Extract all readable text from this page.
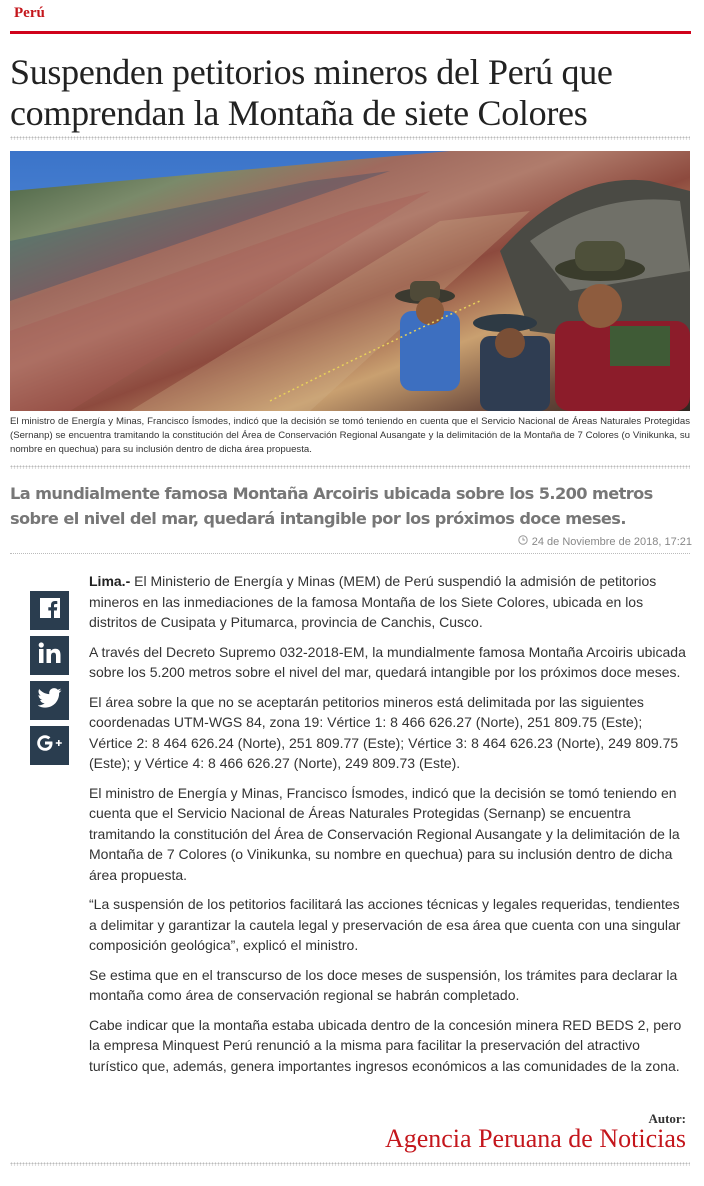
Perú
Suspenden petitorios mineros del Perú que comprendan la Montaña de siete Colores

El ministro de Energía y Minas, Francisco Ísmodes, indicó que la decisión se tomó teniendo en cuenta que el Servicio Nacional de Áreas Naturales Protegidas (Sernanp) se encuentra tramitando la constitución del Área de Conservación Regional Ausangate y la delimitación de la Montaña de 7 Colores (o Vinikunka, su nombre en quechua) para su inclusión dentro de dicha área propuesta.

La mundialmente famosa Montaña Arcoiris ubicada sobre los 5.200 metros sobre el nivel del mar, quedará intangible por los próximos doce meses.

24 de Noviembre de 2018, 17:21

Lima.- El Ministerio de Energía y Minas (MEM) de Perú suspendió la admisión de petitorios mineros en las inmediaciones de la famosa Montaña de los Siete Colores, ubicada en los distritos de Cusipata y Pitumarca, provincia de Canchis, Cusco.

A través del Decreto Supremo 032-2018-EM, la mundialmente famosa Montaña Arcoiris ubicada sobre los 5.200 metros sobre el nivel del mar, quedará intangible por los próximos doce meses.

El área sobre la que no se aceptarán petitorios mineros está delimitada por las siguientes coordenadas UTM-WGS 84, zona 19: Vértice 1: 8 466 626.27 (Norte), 251 809.75 (Este); Vértice 2: 8 464 626.24 (Norte), 251 809.77 (Este); Vértice 3: 8 464 626.23 (Norte), 249 809.75 (Este); y Vértice 4: 8 466 626.27 (Norte), 249 809.73 (Este).

El ministro de Energía y Minas, Francisco Ísmodes, indicó que la decisión se tomó teniendo en cuenta que el Servicio Nacional de Áreas Naturales Protegidas (Sernanp) se encuentra tramitando la constitución del Área de Conservación Regional Ausangate y la delimitación de la Montaña de 7 Colores (o Vinikunka, su nombre en quechua) para su inclusión dentro de dicha área propuesta.

“La suspensión de los petitorios facilitará las acciones técnicas y legales requeridas, tendientes a delimitar y garantizar la cautela legal y preservación de esa área que cuenta con una singular composición geológica”, explicó el ministro.

Se estima que en el transcurso de los doce meses de suspensión, los trámites para declarar la montaña como área de conservación regional se habrán completado.

Cabe indicar que la montaña estaba ubicada dentro de la concesión minera RED BEDS 2, pero la empresa Minquest Perú renunció a la misma para facilitar la preservación del atractivo turístico que, además, genera importantes ingresos económicos a las comunidades de la zona.

Autor:
Agencia Peruana de Noticias
